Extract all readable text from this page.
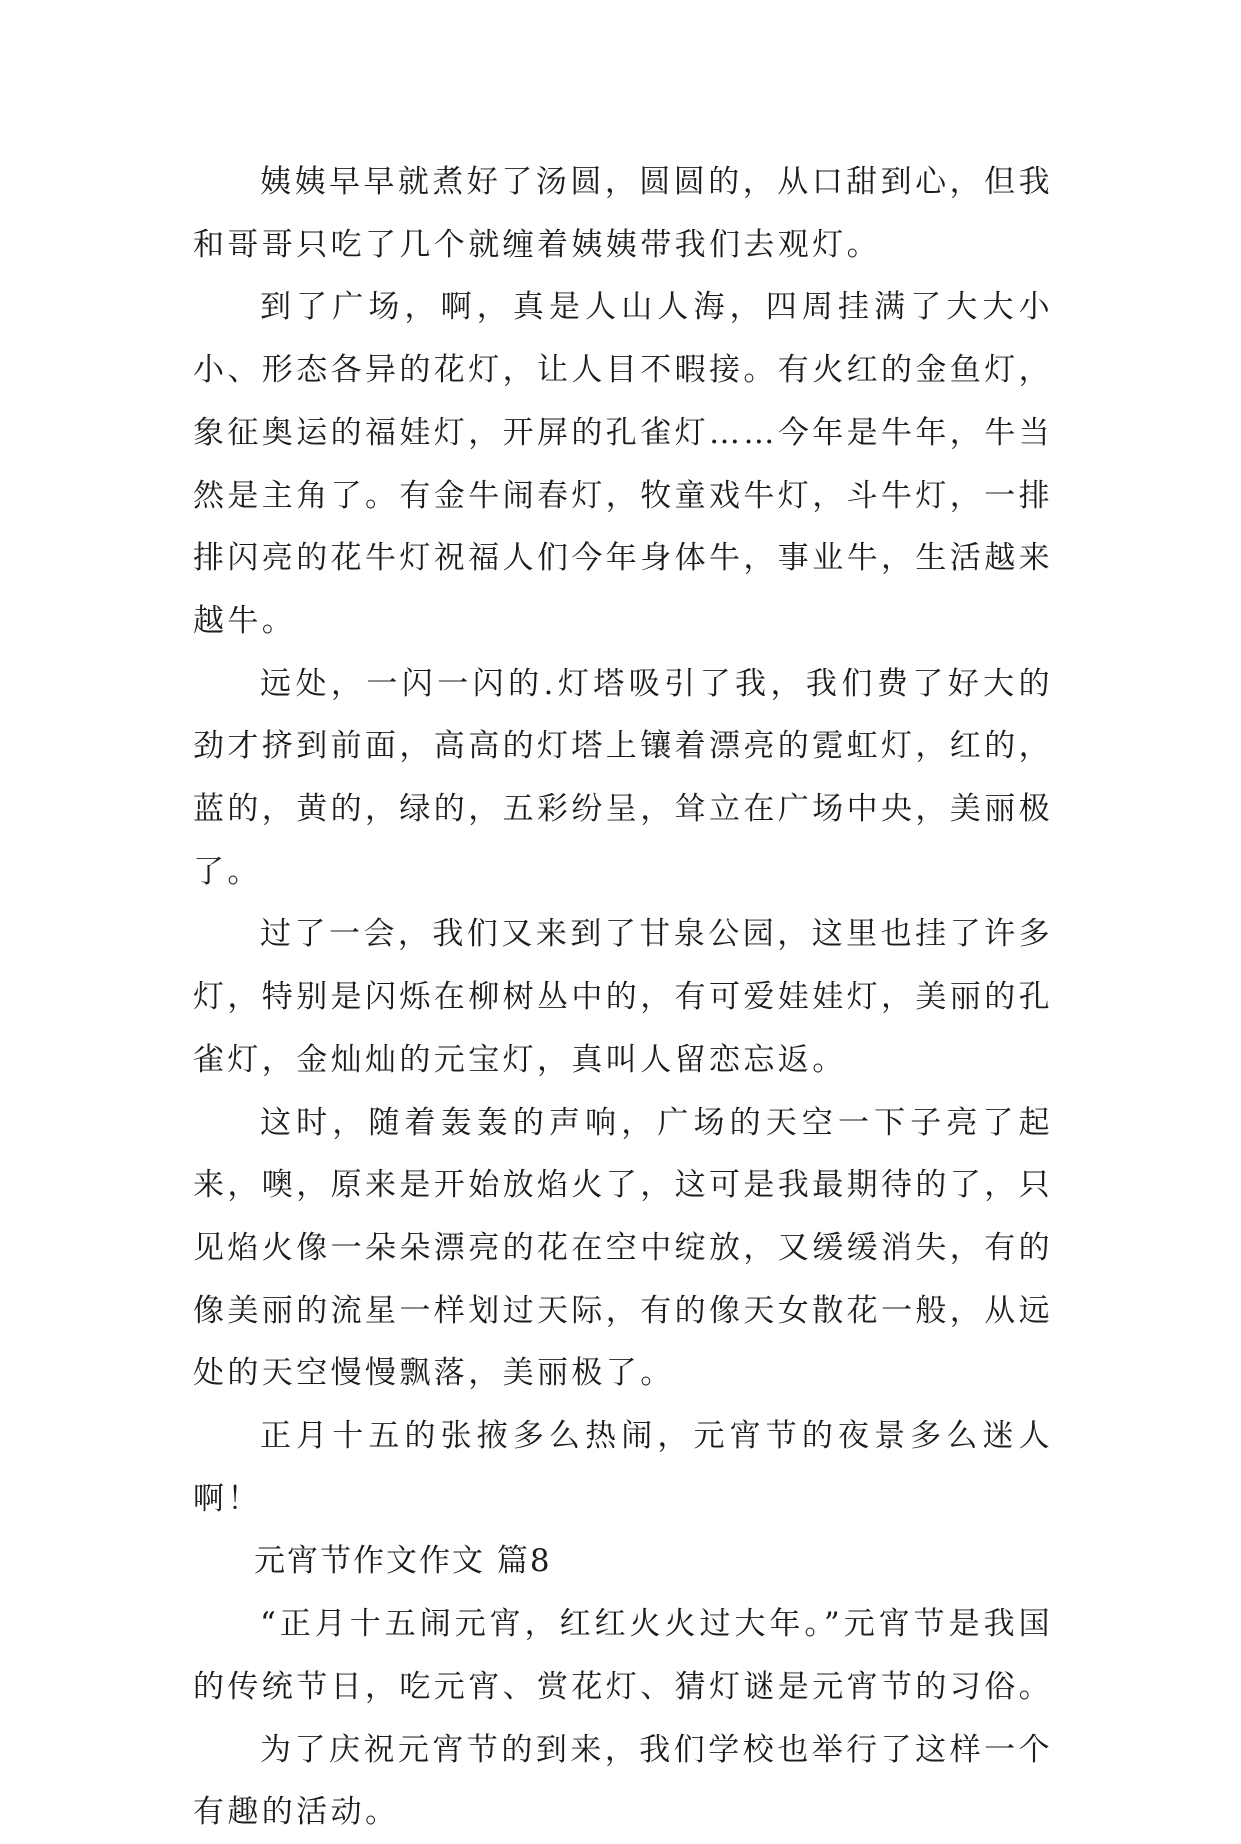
姨姨早早就煮好了汤圆，圆圆的，从口甜到心，但我和哥哥只吃了几个就缠着姨姨带我们去观灯。

到了广场，啊，真是人山人海，四周挂满了大大小小、形态各异的花灯，让人目不暇接。有火红的金鱼灯，象征奥运的福娃灯，开屏的孔雀灯……今年是牛年，牛当然是主角了。有金牛闹春灯，牧童戏牛灯，斗牛灯，一排排闪亮的花牛灯祝福人们今年身体牛，事业牛，生活越来越牛。

远处，一闪一闪的.灯塔吸引了我，我们费了好大的劲才挤到前面，高高的灯塔上镶着漂亮的霓虹灯，红的，蓝的，黄的，绿的，五彩纷呈，耸立在广场中央，美丽极了。

过了一会，我们又来到了甘泉公园，这里也挂了许多灯，特别是闪烁在柳树丛中的，有可爱娃娃灯，美丽的孔雀灯，金灿灿的元宝灯，真叫人留恋忘返。

这时，随着轰轰的声响，广场的天空一下子亮了起来，噢，原来是开始放焰火了，这可是我最期待的了，只见焰火像一朵朵漂亮的花在空中绽放，又缓缓消失，有的像美丽的流星一样划过天际，有的像天女散花一般，从远处的天空慢慢飘落，美丽极了。

正月十五的张掖多么热闹，元宵节的夜景多么迷人啊！

元宵节作文作文 篇8

“正月十五闹元宵，红红火火过大年。”元宵节是我国的传统节日，吃元宵、赏花灯、猜灯谜是元宵节的习俗。

为了庆祝元宵节的到来，我们学校也举行了这样一个有趣的活动。
